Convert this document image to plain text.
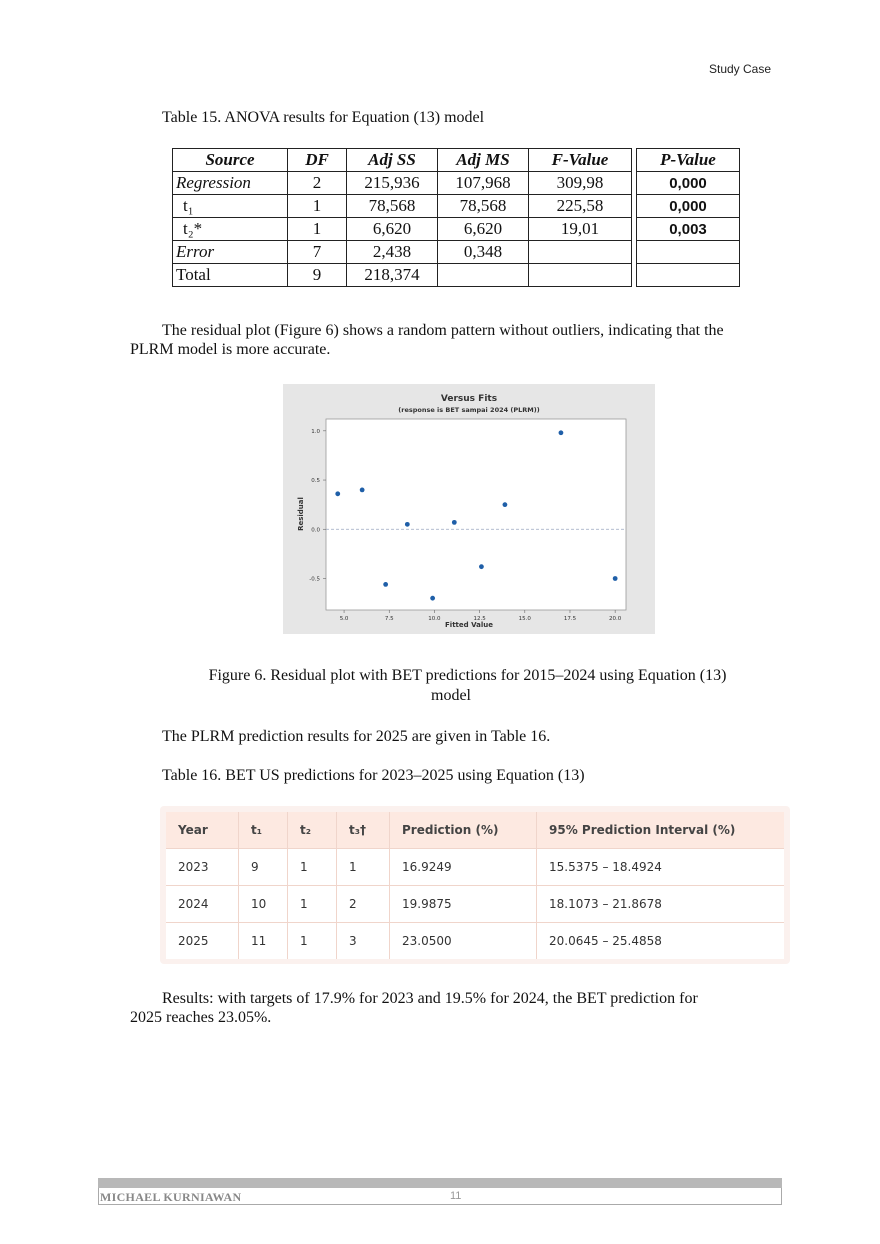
Study Case
Table 15. ANOVA results for Equation (13) model
Source	DF	Adj SS	Adj MS	F-Value		P-Value
Regression	2	215,936	107,968	309,98		0,000
t₁	1	78,568	78,568	225,58		0,000
t₂*	1	6,620	6,620	19,01		0,003
Error	7	2,438	0,348			
Total	9	218,374				
The residual plot (Figure 6) shows a random pattern without outliers, indicating that the PLRM model is more accurate.
Versus Fits
(response is BET sampai 2024 (PLRM))
1.0
0.5
0.0
-0.5
5.0	7.5	10.0	12.5	15.0	17.5	20.0
Fitted Value
Residual
Figure 6. Residual plot with BET predictions for 2015–2024 using Equation (13)
model
The PLRM prediction results for 2025 are given in Table 16.
Table 16. BET US predictions for 2023–2025 using Equation (13)
Year	t₁	t₂	t₃†	Prediction (%)	95% Prediction Interval (%)
2023	9	1	1	16.9249	15.5375 – 18.4924
2024	10	1	2	19.9875	18.1073 – 21.8678
2025	11	1	3	23.0500	20.0645 – 25.4858
Results: with targets of 17.9% for 2023 and 19.5% for 2024, the BET prediction for
2025 reaches 23.05%.
MICHAEL KURNIAWAN	11
